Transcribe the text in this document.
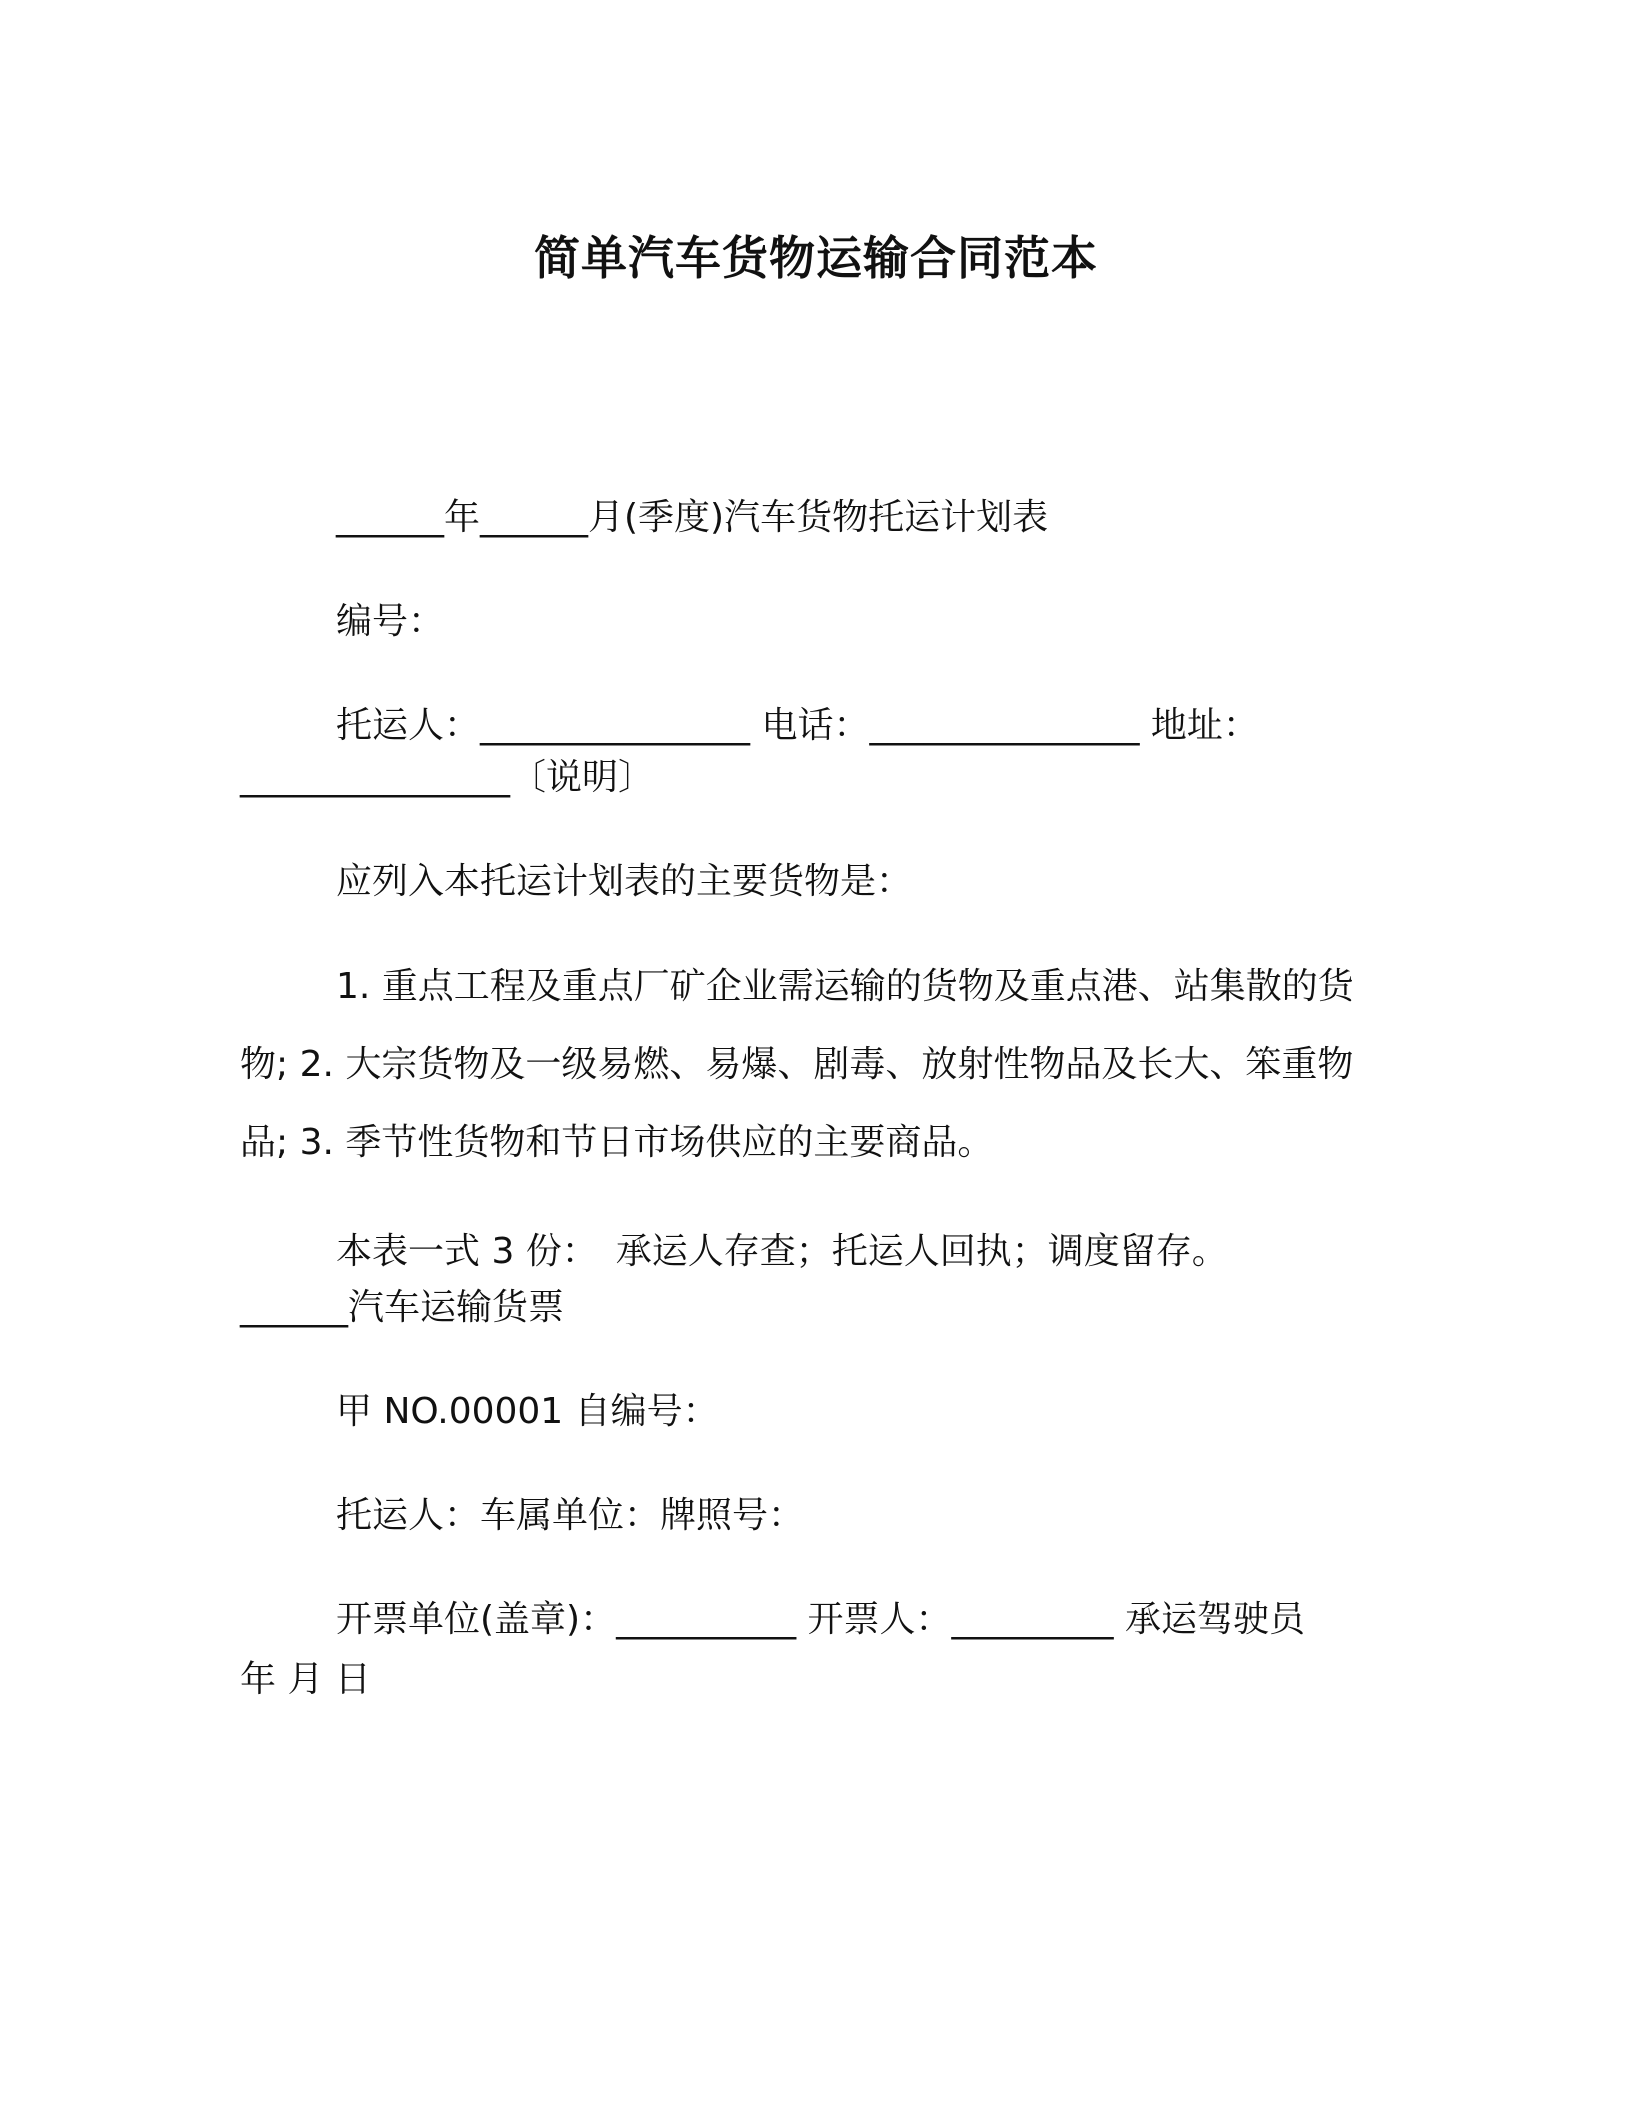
简单汽车货物运输合同范本

______年______月(季度)汽车货物托运计划表

编号：

托运人：_______________ 电话：_______________ 地址：_______________〔说明〕

应列入本托运计划表的主要货物是：

1. 重点工程及重点厂矿企业需运输的货物及重点港、站集散的货物; 2. 大宗货物及一级易燃、易爆、剧毒、放射性物品及长大、笨重物品; 3. 季节性货物和节日市场供应的主要商品。

本表一式 3 份：　承运人存查；托运人回执；调度留存。

______汽车运输货票

甲 NO.00001 自编号：

托运人：车属单位：牌照号：

开票单位(盖章)：__________ 开票人：_________ 承运驾驶员

年 月 日
